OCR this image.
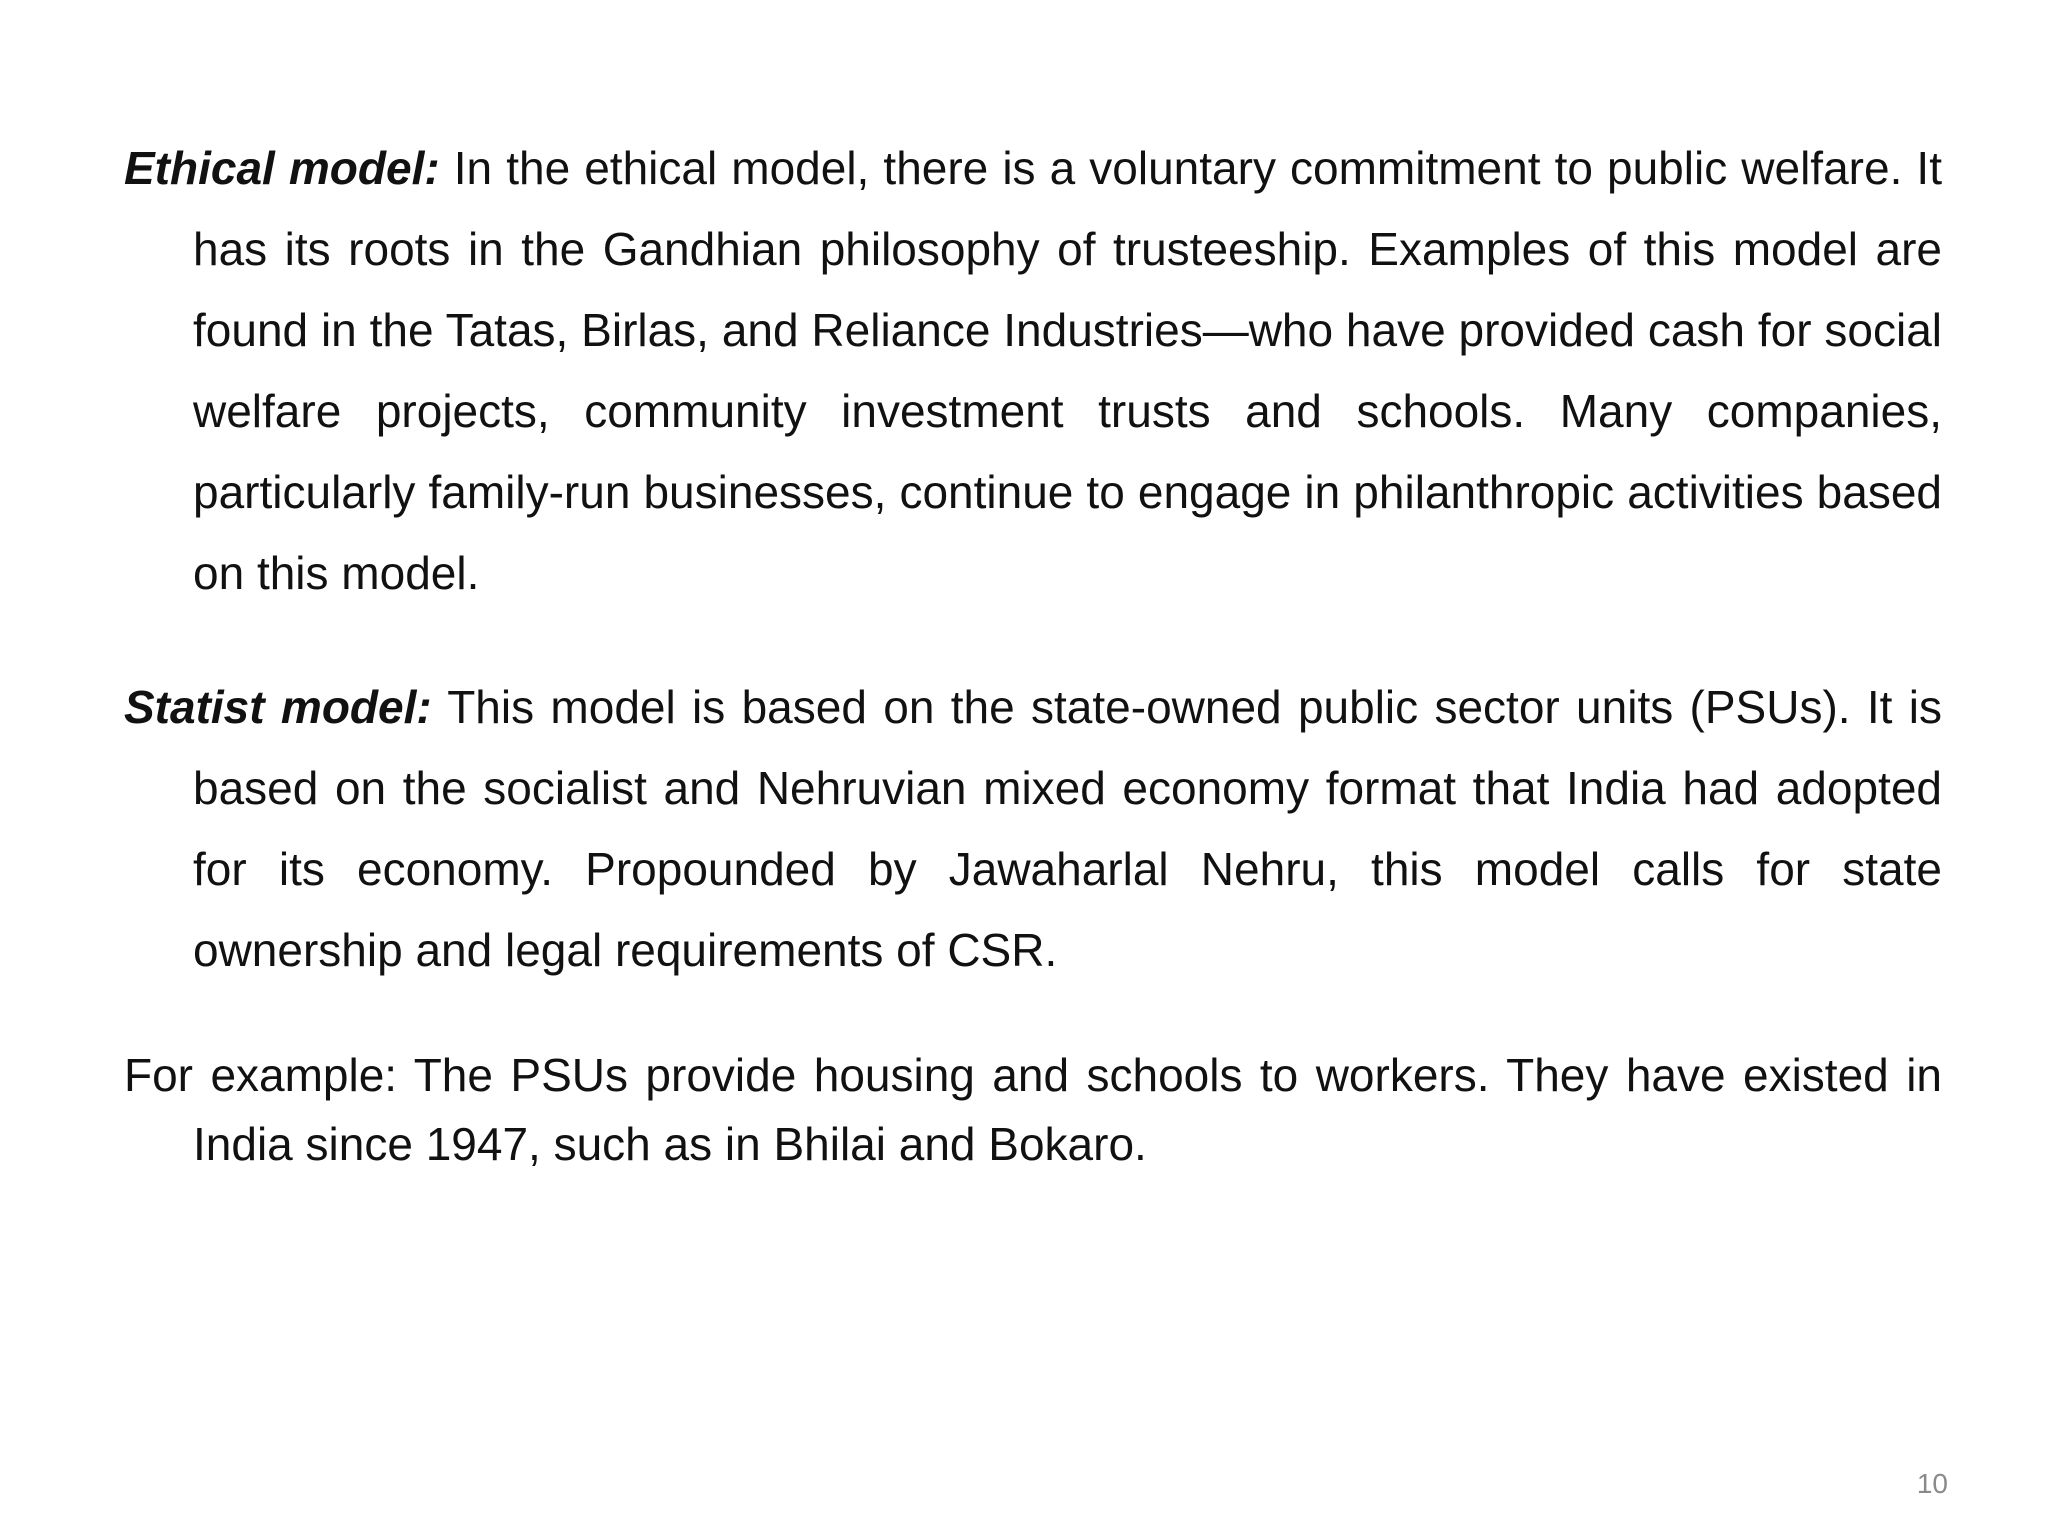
Ethical model: In the ethical model, there is a voluntary commitment to public welfare. It has its roots in the Gandhian philosophy of trusteeship. Examples of this model are found in the Tatas, Birlas, and Reliance Industries—who have provided cash for social welfare projects, community investment trusts and schools. Many companies, particularly family-run businesses, continue to engage in philanthropic activities based on this model.

Statist model: This model is based on the state-owned public sector units (PSUs). It is based on the socialist and Nehruvian mixed economy format that India had adopted for its economy. Propounded by Jawaharlal Nehru, this model calls for state ownership and legal requirements of CSR.

For example: The PSUs provide housing and schools to workers. They have existed in India since 1947, such as in Bhilai and Bokaro.

10
